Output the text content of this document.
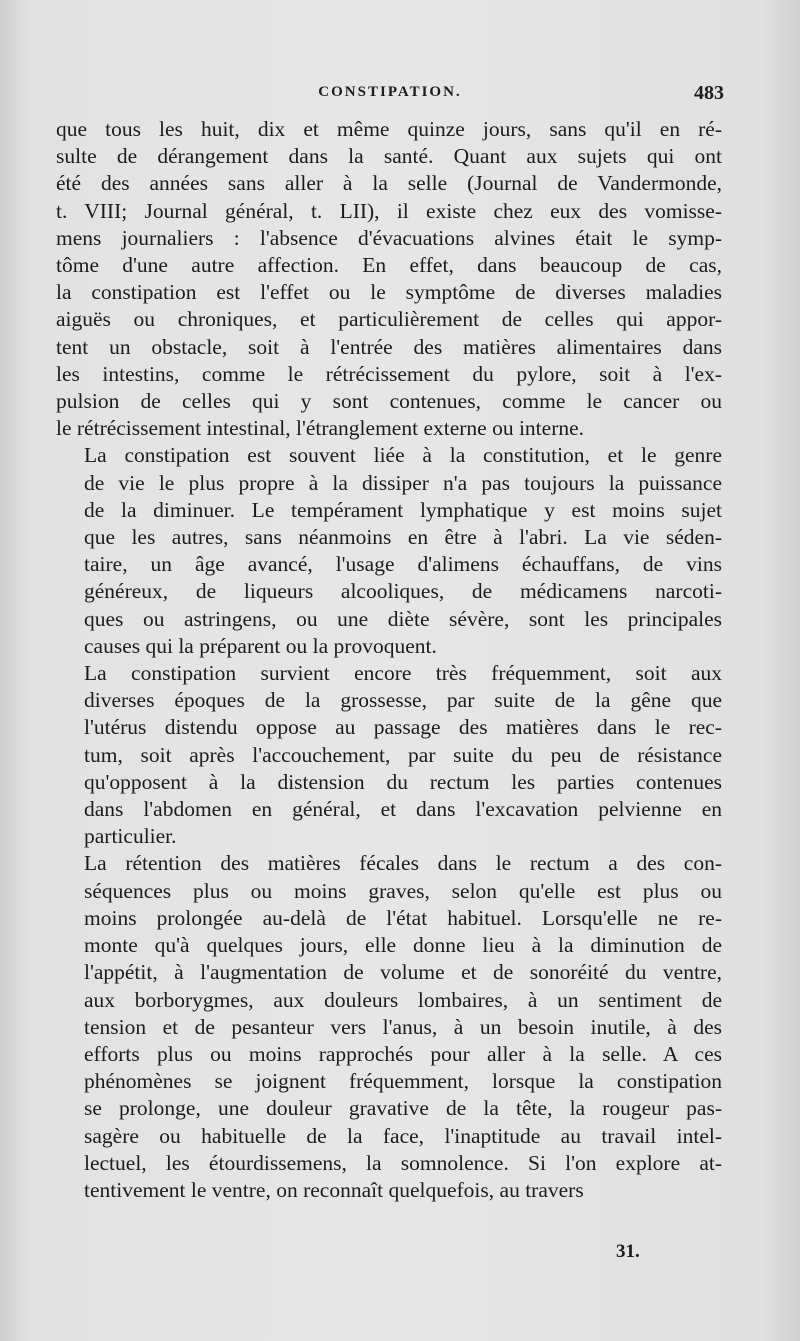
CONSTIPATION.	483
que tous les huit, dix et même quinze jours, sans qu'il en ré-
sulte de dérangement dans la santé. Quant aux sujets qui ont
été des années sans aller à la selle (Journal de Vandermonde,
t. VIII; Journal général, t. LII), il existe chez eux des vomisse-
mens journaliers : l'absence d'évacuations alvines était le symp-
tôme d'une autre affection. En effet, dans beaucoup de cas,
la constipation est l'effet ou le symptôme de diverses maladies
aiguës ou chroniques, et particulièrement de celles qui appor-
tent un obstacle, soit à l'entrée des matières alimentaires dans
les intestins, comme le rétrécissement du pylore, soit à l'ex-
pulsion de celles qui y sont contenues, comme le cancer ou
le rétrécissement intestinal, l'étranglement externe ou interne.
La constipation est souvent liée à la constitution, et le genre
de vie le plus propre à la dissiper n'a pas toujours la puissance
de la diminuer. Le tempérament lymphatique y est moins sujet
que les autres, sans néanmoins en être à l'abri. La vie séden-
taire, un âge avancé, l'usage d'alimens échauffans, de vins
généreux, de liqueurs alcooliques, de médicamens narcoti-
ques ou astringens, ou une diète sévère, sont les principales
causes qui la préparent ou la provoquent.
La constipation survient encore très fréquemment, soit aux
diverses époques de la grossesse, par suite de la gêne que
l'utérus distendu oppose au passage des matières dans le rec-
tum, soit après l'accouchement, par suite du peu de résistance
qu'opposent à la distension du rectum les parties contenues
dans l'abdomen en général, et dans l'excavation pelvienne en
particulier.
La rétention des matières fécales dans le rectum a des con-
séquences plus ou moins graves, selon qu'elle est plus ou
moins prolongée au-delà de l'état habituel. Lorsqu'elle ne re-
monte qu'à quelques jours, elle donne lieu à la diminution de
l'appétit, à l'augmentation de volume et de sonoréité du ventre,
aux borborygmes, aux douleurs lombaires, à un sentiment de
tension et de pesanteur vers l'anus, à un besoin inutile, à des
efforts plus ou moins rapprochés pour aller à la selle. A ces
phénomènes se joignent fréquemment, lorsque la constipation
se prolonge, une douleur gravative de la tête, la rougeur pas-
sagère ou habituelle de la face, l'inaptitude au travail intel-
lectuel, les étourdissemens, la somnolence. Si l'on explore at-
tentivement le ventre, on reconnaît quelquefois, au travers
31.
